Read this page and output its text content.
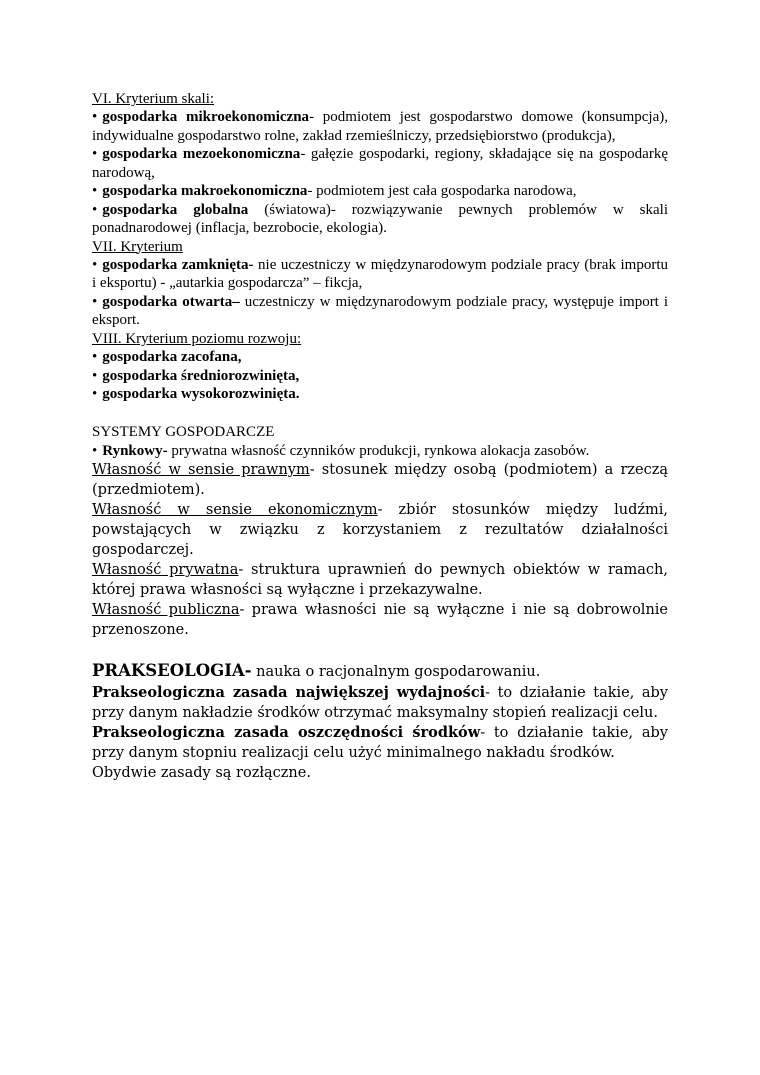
VI. Kryterium skali:

• gospodarka mikroekonomiczna- podmiotem jest gospodarstwo domowe (konsumpcja), indywidualne gospodarstwo rolne, zakład rzemieślniczy, przedsiębiorstwo (produkcja),

• gospodarka mezoekonomiczna- gałęzie gospodarki, regiony, składające się na gospodarkę narodową,

• gospodarka makroekonomiczna- podmiotem jest cała gospodarka narodowa,

• gospodarka globalna (światowa)- rozwiązywanie pewnych problemów w skali ponadnarodowej (inflacja, bezrobocie, ekologia).

VII. Kryterium

• gospodarka zamknięta- nie uczestniczy w międzynarodowym podziale pracy (brak importu i eksportu) - „autarkia gospodarcza” – fikcja,

• gospodarka otwarta– uczestniczy w międzynarodowym podziale pracy, występuje import i eksport.

VIII. Kryterium poziomu rozwoju:

• gospodarka zacofana,

• gospodarka średniorozwinięta,

• gospodarka wysokorozwinięta.

SYSTEMY GOSPODARCZE

• Rynkowy- prywatna własność czynników produkcji, rynkowa alokacja zasobów.

Własność w sensie prawnym- stosunek między osobą (podmiotem) a rzeczą (przedmiotem).

Własność w sensie ekonomicznym- zbiór stosunków między ludźmi, powstających w związku z korzystaniem z rezultatów działalności gospodarczej.

Własność prywatna- struktura uprawnień do pewnych obiektów w ramach, której prawa własności są wyłączne i przekazywalne.

Własność publiczna- prawa własności nie są wyłączne i nie są dobrowolnie przenoszone.

PRAKSEOLOGIA- nauka o racjonalnym gospodarowaniu.

Prakseologiczna zasada największej wydajności- to działanie takie, aby przy danym nakładzie środków otrzymać maksymalny stopień realizacji celu.

Prakseologiczna zasada oszczędności środków- to działanie takie, aby przy danym stopniu realizacji celu użyć minimalnego nakładu środków.

Obydwie zasady są rozłączne.
